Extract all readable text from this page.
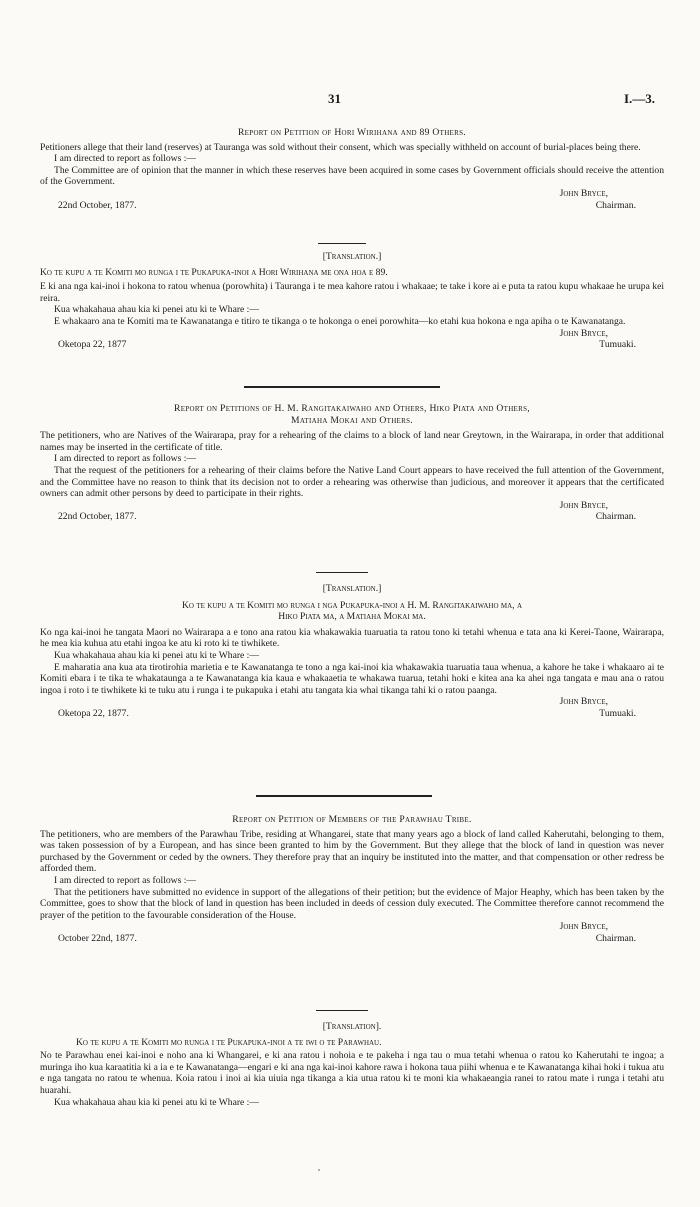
31	I.—3.
Report on Petition of Hori Wirihana and 89 Others.

Petitioners allege that their land (reserves) at Tauranga was sold without their consent, which was specially withheld on account of burial-places being there.

I am directed to report as follows :—

The Committee are of opinion that the manner in which these reserves have been acquired in some cases by Government officials should receive the attention of the Government.

John Bryce,
22nd October, 1877.	Chairman.
[Translation.]
Ko te kupu a te Komiti mo runga i te Pukapuka-inoi a Hori Wirihana me ona hoa e 89.

E ki ana nga kai-inoi i hokona to ratou whenua (porowhita) i Tauranga i te mea kahore ratou i whakaae; te take i kore ai e puta ta ratou kupu whakaae he urupa kei reira.

Kua whakahaua ahau kia ki penei atu ki te Whare :—

E whakaaro ana te Komiti ma te Kawanatanga e titiro te tikanga o te hokonga o enei porowhita—ko etahi kua hokona e nga apiha o te Kawanatanga.

John Bryce,
Oketopa 22, 1877	Tumuaki.
Report on Petitions of H. M. Rangitakaiwaho and Others, Hiko Piata and Others,
Matiaha Mokai and Others.

The petitioners, who are Natives of the Wairarapa, pray for a rehearing of the claims to a block of land near Greytown, in the Wairarapa, in order that additional names may be inserted in the certificate of title.

I am directed to report as follows :—

That the request of the petitioners for a rehearing of their claims before the Native Land Court appears to have received the full attention of the Government, and the Committee have no reason to think that its decision not to order a rehearing was otherwise than judicious, and moreover it appears that the certificated owners can admit other persons by deed to participate in their rights.

John Bryce,
22nd October, 1877.	Chairman.
[Translation.]
Ko te kupu a te Komiti mo runga i nga Pukapuka-inoi a H. M. Rangitakaiwaho ma, a
Hiko Piata ma, a Matiaha Mokai ma.

Ko nga kai-inoi he tangata Maori no Wairarapa a e tono ana ratou kia whakawakia tuaruatia ta ratou tono ki tetahi whenua e tata ana ki Kerei-Taone, Wairarapa, he mea kia kuhua atu etahi ingoa ke atu ki roto ki te tiwhikete.

Kua whakahaua ahau kia ki penei atu ki te Whare :—

E maharatia ana kua ata tirotirohia marietia e te Kawanatanga te tono a nga kai-inoi kia whakawakia tuaruatia taua whenua, a kahore he take i whakaaro ai te Komiti ebara i te tika te whakataunga a te Kawanatanga kia kaua e whakaaetia te whakawa tuarua, tetahi hoki e kitea ana ka ahei nga tangata e mau ana o ratou ingoa i roto i te tiwhikete ki te tuku atu i runga i te pukapuka i etahi atu tangata kia whai tikanga tahi ki o ratou paanga.

John Bryce,
Oketopa 22, 1877.	Tumuaki.
Report on Petition of Members of the Parawhau Tribe.

The petitioners, who are members of the Parawhau Tribe, residing at Whangarei, state that many years ago a block of land called Kaherutahi, belonging to them, was taken possession of by a European, and has since been granted to him by the Government. But they allege that the block of land in question was never purchased by the Government or ceded by the owners. They therefore pray that an inquiry be instituted into the matter, and that compensation or other redress be afforded them.

I am directed to report as follows :—

That the petitioners have submitted no evidence in support of the allegations of their petition; but the evidence of Major Heaphy, which has been taken by the Committee, goes to show that the block of land in question has been included in deeds of cession duly executed. The Committee therefore cannot recommend the prayer of the petition to the favourable consideration of the House.

John Bryce,
October 22nd, 1877.	Chairman.
[Translation].
Ko te kupu a te Komiti mo runga i te Pukapuka-inoi a te iwi o te Parawhau.

No te Parawhau enei kai-inoi e noho ana ki Whangarei, e ki ana ratou i nohoia e te pakeha i nga tau o mua tetahi whenua o ratou ko Kaherutahi te ingoa; a muringa iho kua karaatitia ki a ia e te Kawanatanga—engari e ki ana nga kai-inoi kahore rawa i hokona taua piihi whenua e te Kawanatanga kihai hoki i tukua atu e nga tangata no ratou te whenua. Koia ratou i inoi ai kia uiuia nga tikanga a kia utua ratou ki te moni kia whakaeangia ranei to ratou mate i runga i tetahi atu huarahi.

Kua whakahaua ahau kia ki penei atu ki te Whare :—
